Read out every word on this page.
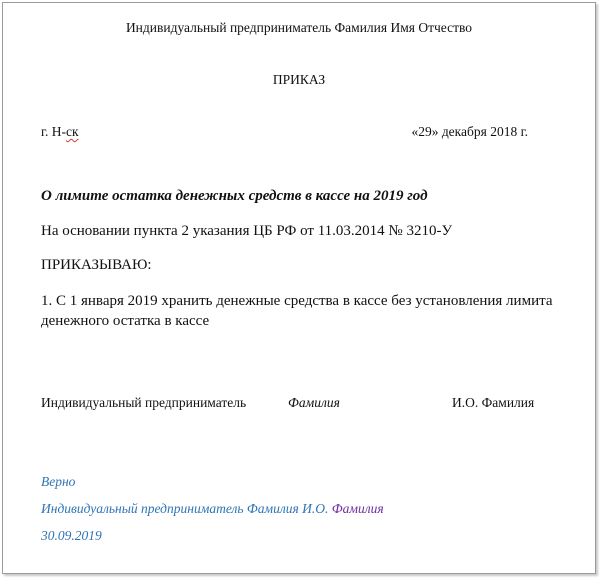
Индивидуальный предприниматель Фамилия Имя Отчество
ПРИКАЗ
г. Н-ск	«29» декабря 2018 г.
О лимите остатка денежных средств в кассе на 2019 год
На основании пункта 2 указания ЦБ РФ от 11.03.2014 № 3210-У
ПРИКАЗЫВАЮ:
1. С 1 января 2019 хранить денежные средства в кассе без установления лимита денежного остатка в кассе
Индивидуальный предприниматель	Фамилия	И.О. Фамилия
Верно
Индивидуальный предприниматель Фамилия И.О. Фамилия
30.09.2019
